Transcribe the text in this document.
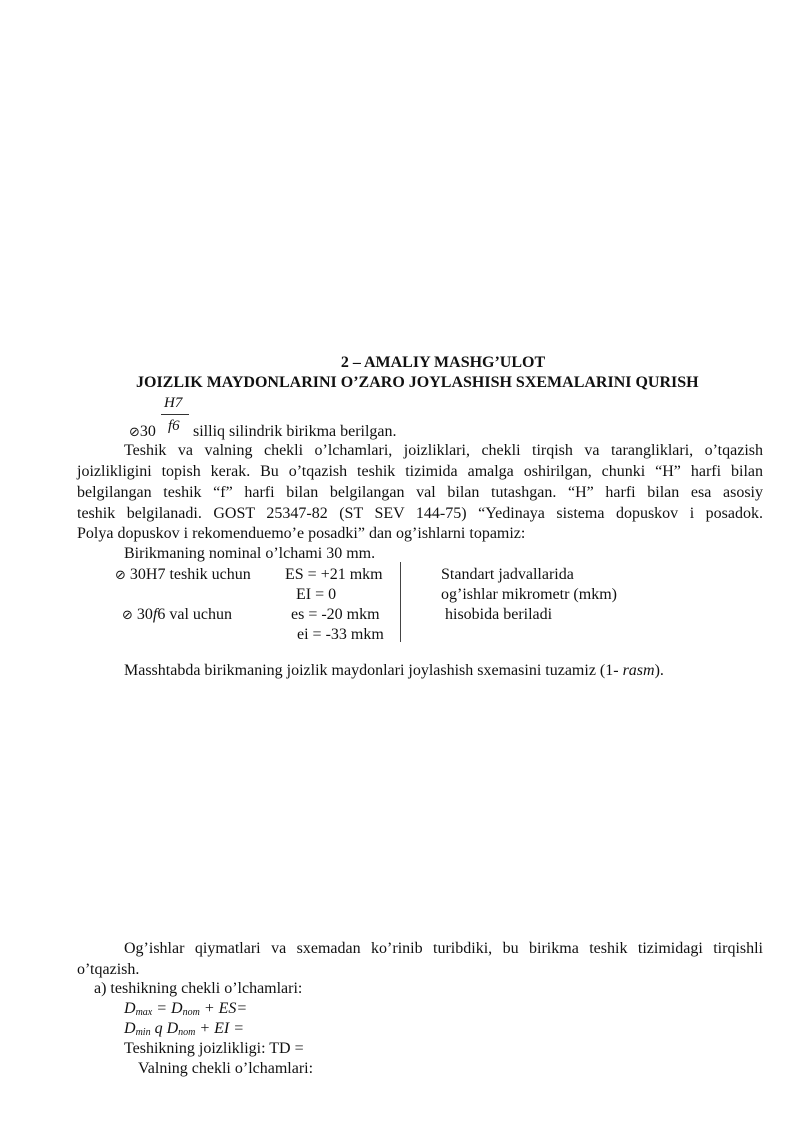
2 – AMALIY MASHG’ULOT
JOIZLIK MAYDONLARINI O’ZARO JOYLASHISH SXEMALARINI QURISH
H7
⊘30 f6 silliq silindrik birikma berilgan.
Teshik va valning chekli o’lchamlari, joizliklari, chekli tirqish va tarangliklari, o’tqazish
joizlikligini topish kerak. Bu o’tqazish teshik tizimida amalga oshirilgan, chunki “H” harfi bilan
belgilangan teshik “f” harfi bilan belgilangan val bilan tutashgan. “H” harfi bilan esa asosiy
teshik belgilanadi. GOST 25347-82 (ST SEV 144-75) “Yedinaya sistema dopuskov i posadok.
Polya dopuskov i rekomenduemo’e posadki” dan og’ishlarni topamiz:
Birikmaning nominal o’lchami 30 mm.
⊘ 30H7 teshik uchun ES = +21 mkm
EI = 0
⊘ 30f6 val uchun	es = -20 mkm
ei = -33 mkm
Standart jadvallarida
og’ishlar mikrometr (mkm)
hisobida beriladi
Masshtabda birikmaning joizlik maydonlari joylashish sxemasini tuzamiz (1- rasm).
Og’ishlar qiymatlari va sxemadan ko’rinib turibdiki, bu birikma teshik tizimidagi tirqishli
o’tqazish.
a) teshikning chekli o’lchamlari:
$D_{max} = D_{nom} + ES=$
$D_{min}$ q $D_{nom}$ + EI =
Teshikning joizlikligi: TD =
Valning chekli o’lchamlari:
